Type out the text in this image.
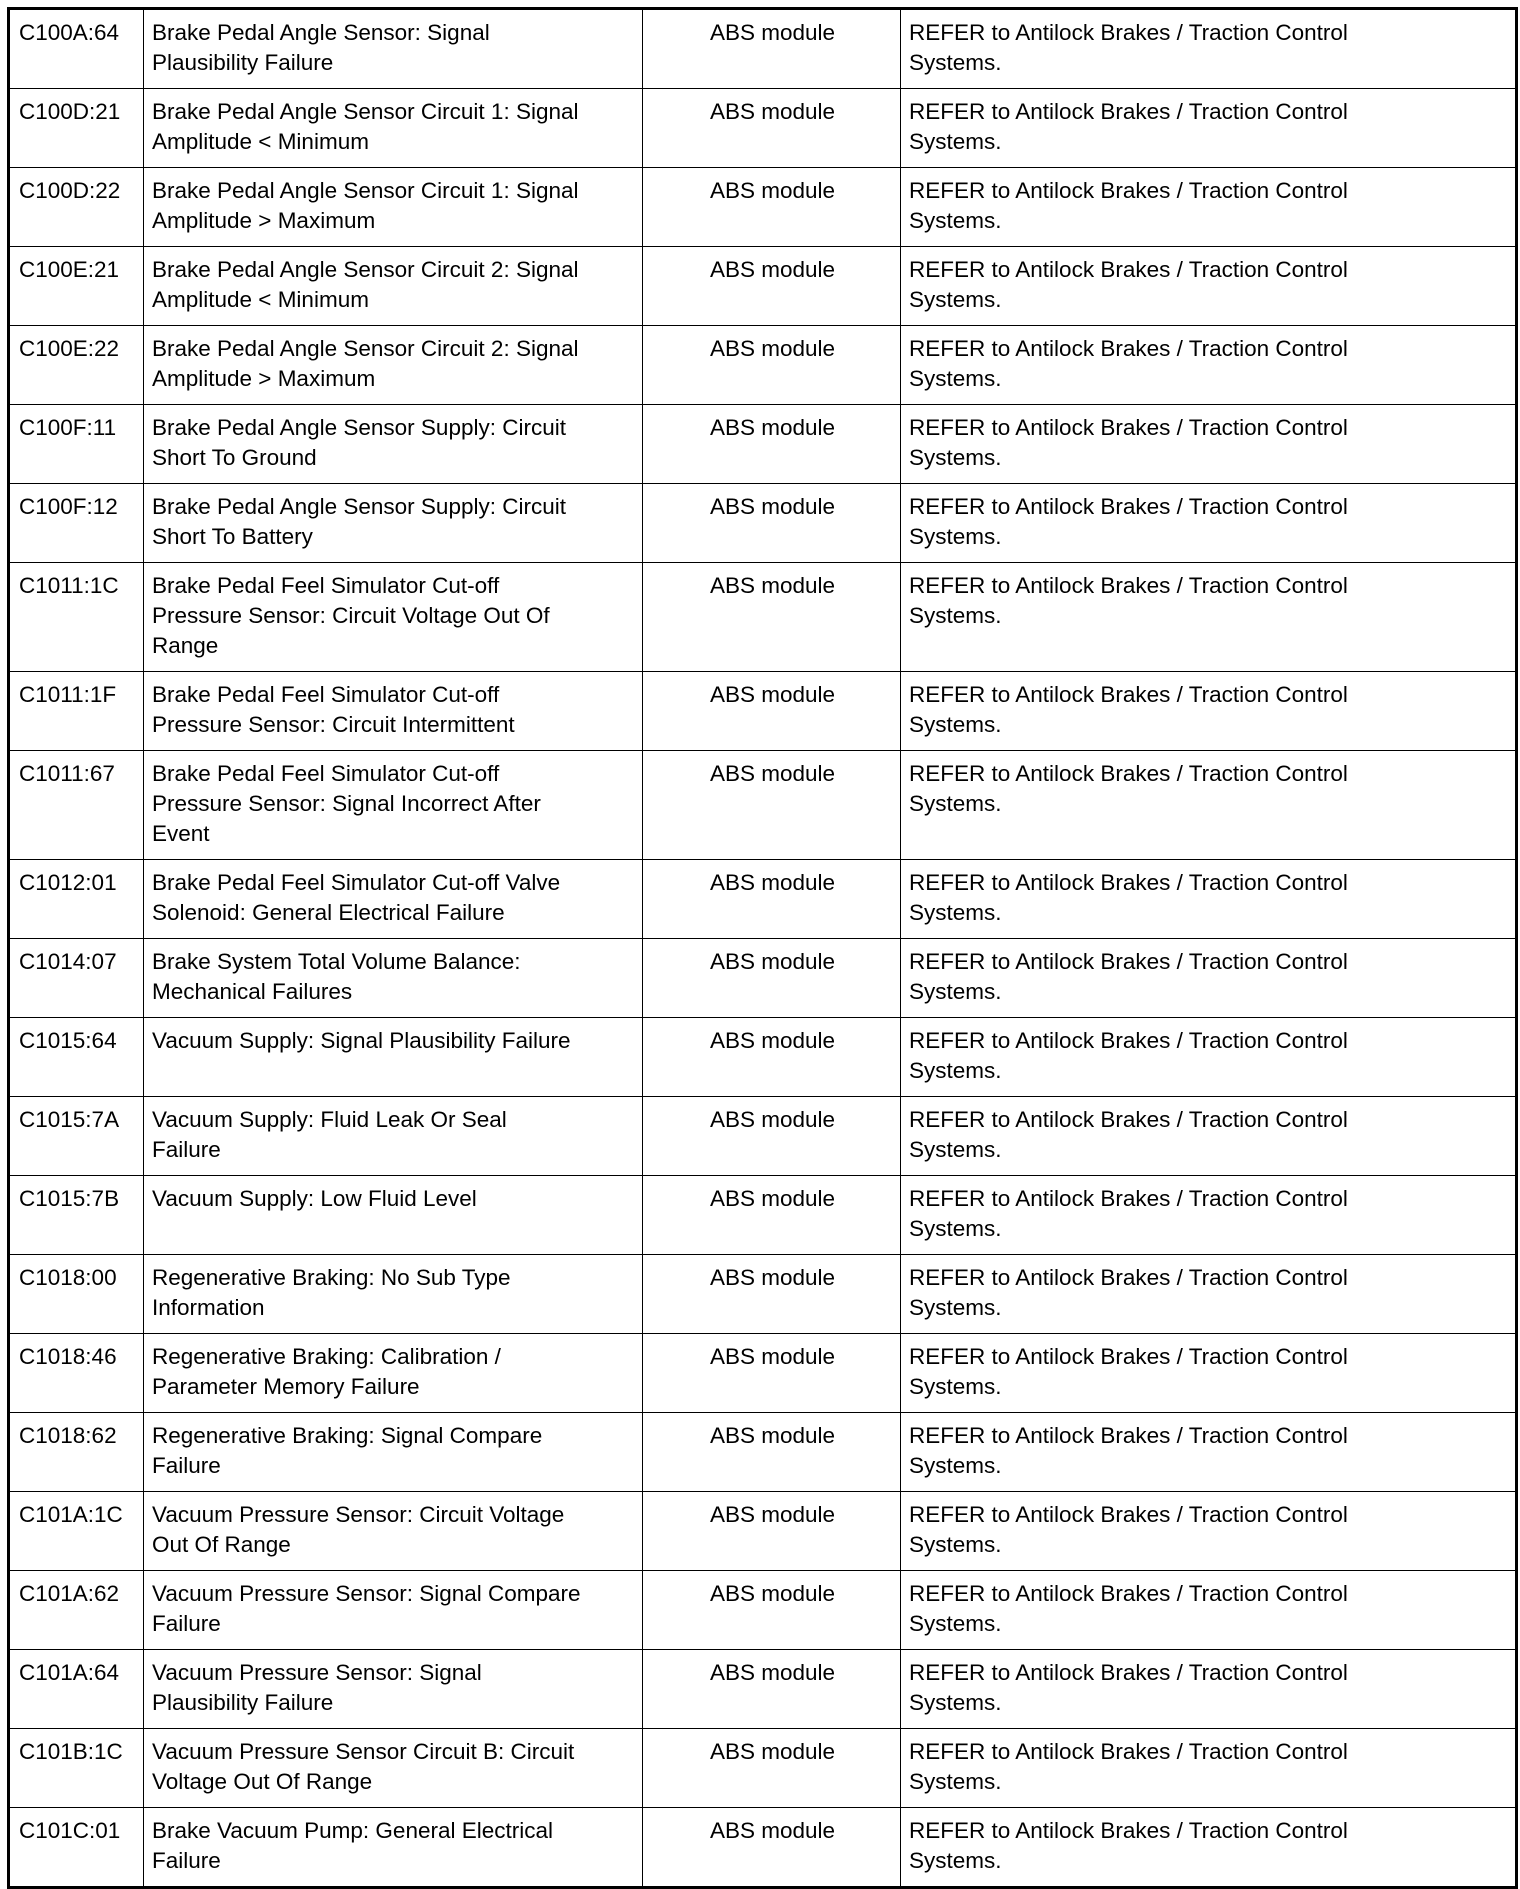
C100A:64	Brake Pedal Angle Sensor: Signal
Plausibility Failure	ABS module	REFER to Antilock Brakes / Traction Control
Systems.
C100D:21	Brake Pedal Angle Sensor Circuit 1: Signal
Amplitude < Minimum	ABS module	REFER to Antilock Brakes / Traction Control
Systems.
C100D:22	Brake Pedal Angle Sensor Circuit 1: Signal
Amplitude > Maximum	ABS module	REFER to Antilock Brakes / Traction Control
Systems.
C100E:21	Brake Pedal Angle Sensor Circuit 2: Signal
Amplitude < Minimum	ABS module	REFER to Antilock Brakes / Traction Control
Systems.
C100E:22	Brake Pedal Angle Sensor Circuit 2: Signal
Amplitude > Maximum	ABS module	REFER to Antilock Brakes / Traction Control
Systems.
C100F:11	Brake Pedal Angle Sensor Supply: Circuit
Short To Ground	ABS module	REFER to Antilock Brakes / Traction Control
Systems.
C100F:12	Brake Pedal Angle Sensor Supply: Circuit
Short To Battery	ABS module	REFER to Antilock Brakes / Traction Control
Systems.
C1011:1C	Brake Pedal Feel Simulator Cut-off
Pressure Sensor: Circuit Voltage Out Of
Range	ABS module	REFER to Antilock Brakes / Traction Control
Systems.
C1011:1F	Brake Pedal Feel Simulator Cut-off
Pressure Sensor: Circuit Intermittent	ABS module	REFER to Antilock Brakes / Traction Control
Systems.
C1011:67	Brake Pedal Feel Simulator Cut-off
Pressure Sensor: Signal Incorrect After
Event	ABS module	REFER to Antilock Brakes / Traction Control
Systems.
C1012:01	Brake Pedal Feel Simulator Cut-off Valve
Solenoid: General Electrical Failure	ABS module	REFER to Antilock Brakes / Traction Control
Systems.
C1014:07	Brake System Total Volume Balance:
Mechanical Failures	ABS module	REFER to Antilock Brakes / Traction Control
Systems.
C1015:64	Vacuum Supply: Signal Plausibility Failure	ABS module	REFER to Antilock Brakes / Traction Control
Systems.
C1015:7A	Vacuum Supply: Fluid Leak Or Seal
Failure	ABS module	REFER to Antilock Brakes / Traction Control
Systems.
C1015:7B	Vacuum Supply: Low Fluid Level	ABS module	REFER to Antilock Brakes / Traction Control
Systems.
C1018:00	Regenerative Braking: No Sub Type
Information	ABS module	REFER to Antilock Brakes / Traction Control
Systems.
C1018:46	Regenerative Braking: Calibration /
Parameter Memory Failure	ABS module	REFER to Antilock Brakes / Traction Control
Systems.
C1018:62	Regenerative Braking: Signal Compare
Failure	ABS module	REFER to Antilock Brakes / Traction Control
Systems.
C101A:1C	Vacuum Pressure Sensor: Circuit Voltage
Out Of Range	ABS module	REFER to Antilock Brakes / Traction Control
Systems.
C101A:62	Vacuum Pressure Sensor: Signal Compare
Failure	ABS module	REFER to Antilock Brakes / Traction Control
Systems.
C101A:64	Vacuum Pressure Sensor: Signal
Plausibility Failure	ABS module	REFER to Antilock Brakes / Traction Control
Systems.
C101B:1C	Vacuum Pressure Sensor Circuit B: Circuit
Voltage Out Of Range	ABS module	REFER to Antilock Brakes / Traction Control
Systems.
C101C:01	Brake Vacuum Pump: General Electrical
Failure	ABS module	REFER to Antilock Brakes / Traction Control
Systems.
